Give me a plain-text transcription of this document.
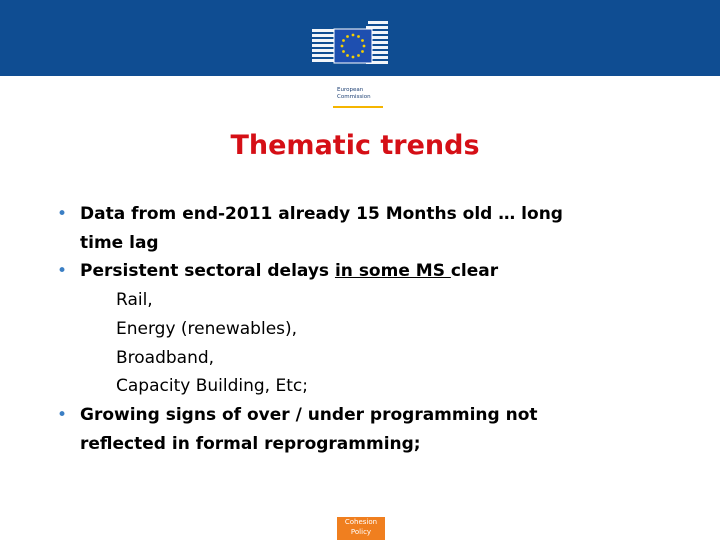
European
Commission
Thematic trends
• Data from end-2011 already 15 Months old … long
time lag
• Persistent sectoral delays in some MS clear
Rail,
Energy (renewables),
Broadband,
Capacity Building, Etc;
• Growing signs of over / under programming not
reflected in formal reprogramming;
Cohesion
Policy
